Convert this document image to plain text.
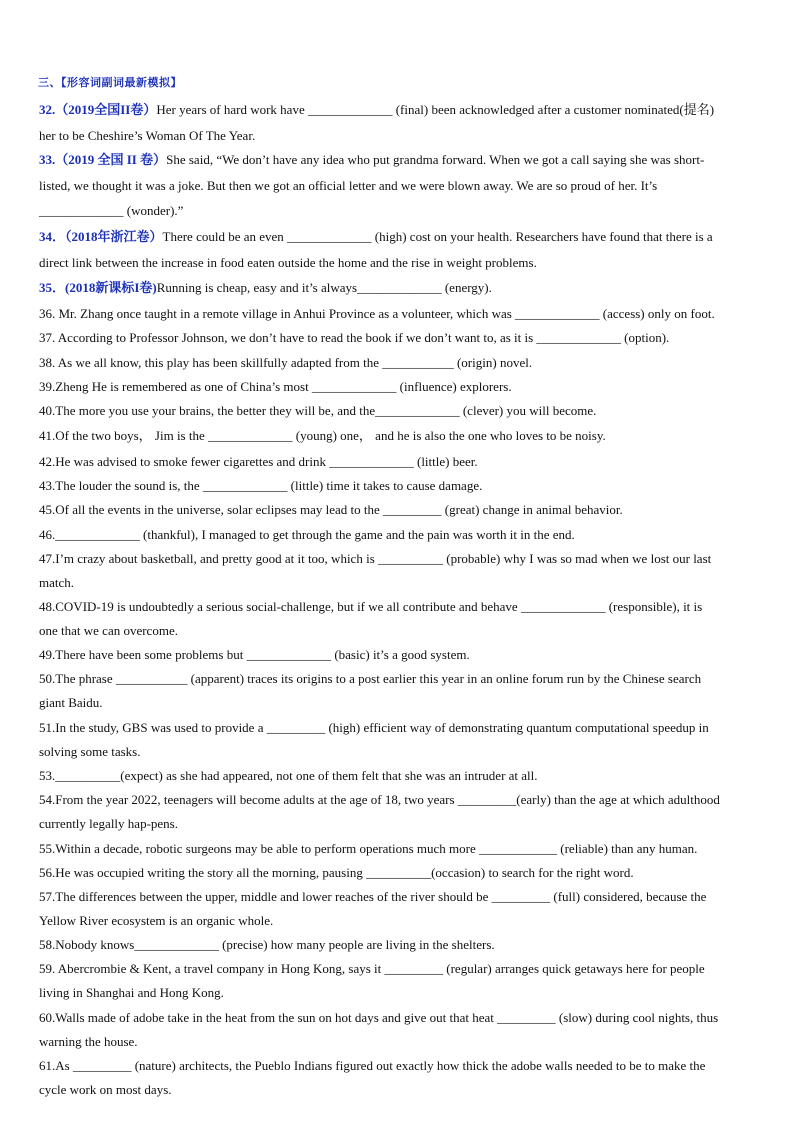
三、【形容词副词最新模拟】
32.（2019全国II卷）Her years of hard work have _____________ (final) been acknowledged after a customer nominated(提名)
her to be Cheshire’s Woman Of The Year.
33.（2019 全国 II 卷）She said, “We don’t have any idea who put grandma forward. When we got a call saying she was short-
listed, we thought it was a joke. But then we got an official letter and we were blown away. We are so proud of her. It’s
_____________ (wonder).”
34．（2018年浙江卷）There could be an even _____________ (high) cost on your health. Researchers have found that there is a
direct link between the increase in food eaten outside the home and the rise in weight problems.
35．(2018新课标I卷)Running is cheap, easy and it’s always_____________ (energy).
36. Mr. Zhang once taught in a remote village in Anhui Province as a volunteer, which was _____________ (access) only on foot.
37. According to Professor Johnson, we don’t have to read the book if we don’t want to, as it is _____________ (option).
38. As we all know, this play has been skillfully adapted from the ___________ (origin) novel.
39.Zheng He is remembered as one of China’s most _____________ (influence) explorers.
40.The more you use your brains, the better they will be, and the_____________ (clever) you will become.
41.Of the two boys， Jim is the _____________ (young) one， and he is also the one who loves to be noisy.
42.He was advised to smoke fewer cigarettes and drink _____________ (little) beer.
43.The louder the sound is, the _____________ (little) time it takes to cause damage.
45.Of all the events in the universe, solar eclipses may lead to the _________ (great) change in animal behavior.
46._____________ (thankful), I managed to get through the game and the pain was worth it in the end.
47.I’m crazy about basketball, and pretty good at it too, which is __________ (probable) why I was so mad when we lost our last
match.
48.COVID-19 is undoubtedly a serious social-challenge, but if we all contribute and behave _____________ (responsible), it is
one that we can overcome.
49.There have been some problems but _____________ (basic) it’s a good system.
50.The phrase ___________ (apparent) traces its origins to a post earlier this year in an online forum run by the Chinese search
giant Baidu.
51.In the study, GBS was used to provide a _________ (high) efficient way of demonstrating quantum computational speedup in
solving some tasks.
53.__________(expect) as she had appeared, not one of them felt that she was an intruder at all.
54.From the year 2022, teenagers will become adults at the age of 18, two years _________(early) than the age at which adulthood
currently legally hap-pens.
55.Within a decade, robotic surgeons may be able to perform operations much more ____________ (reliable) than any human.
56.He was occupied writing the story all the morning, pausing __________(occasion) to search for the right word.
57.The differences between the upper, middle and lower reaches of the river should be _________ (full) considered, because the
Yellow River ecosystem is an organic whole.
58.Nobody knows_____________ (precise) how many people are living in the shelters.
59. Abercrombie & Kent, a travel company in Hong Kong, says it _________ (regular) arranges quick getaways here for people
living in Shanghai and Hong Kong.
60.Walls made of adobe take in the heat from the sun on hot days and give out that heat _________ (slow) during cool nights, thus
warning the house.
61.As _________ (nature) architects, the Pueblo Indians figured out exactly how thick the adobe walls needed to be to make the
cycle work on most days.
